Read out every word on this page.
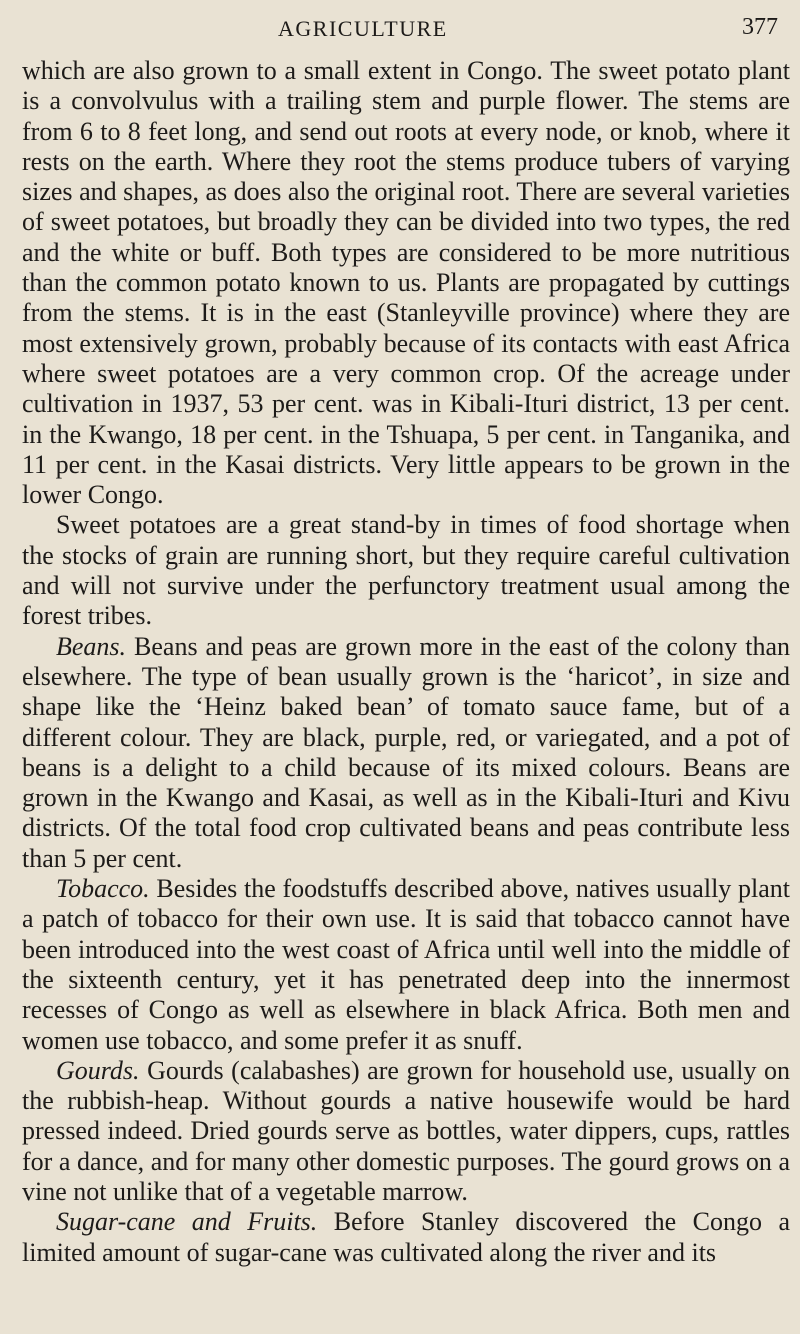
AGRICULTURE	377

which are also grown to a small extent in Congo. The sweet potato plant is a convolvulus with a trailing stem and purple flower. The stems are from 6 to 8 feet long, and send out roots at every node, or knob, where it rests on the earth. Where they root the stems produce tubers of varying sizes and shapes, as does also the original root. There are several varieties of sweet potatoes, but broadly they can be divided into two types, the red and the white or buff. Both types are considered to be more nutritious than the common potato known to us. Plants are propagated by cuttings from the stems. It is in the east (Stanleyville province) where they are most extensively grown, probably because of its contacts with east Africa where sweet potatoes are a very common crop. Of the acreage under cultivation in 1937, 53 per cent. was in Kibali-Ituri district, 13 per cent. in the Kwango, 18 per cent. in the Tshuapa, 5 per cent. in Tanganika, and 11 per cent. in the Kasai districts. Very little appears to be grown in the lower Congo.

Sweet potatoes are a great stand-by in times of food shortage when the stocks of grain are running short, but they require careful cultivation and will not survive under the perfunctory treatment usual among the forest tribes.

Beans. Beans and peas are grown more in the east of the colony than elsewhere. The type of bean usually grown is the ‘haricot’, in size and shape like the ‘Heinz baked bean’ of tomato sauce fame, but of a different colour. They are black, purple, red, or variegated, and a pot of beans is a delight to a child because of its mixed colours. Beans are grown in the Kwango and Kasai, as well as in the Kibali-Ituri and Kivu districts. Of the total food crop cultivated beans and peas contribute less than 5 per cent.

Tobacco. Besides the foodstuffs described above, natives usually plant a patch of tobacco for their own use. It is said that tobacco cannot have been introduced into the west coast of Africa until well into the middle of the sixteenth century, yet it has penetrated deep into the innermost recesses of Congo as well as elsewhere in black Africa. Both men and women use tobacco, and some prefer it as snuff.

Gourds. Gourds (calabashes) are grown for household use, usually on the rubbish-heap. Without gourds a native housewife would be hard pressed indeed. Dried gourds serve as bottles, water dippers, cups, rattles for a dance, and for many other domestic purposes. The gourd grows on a vine not unlike that of a vegetable marrow.

Sugar-cane and Fruits. Before Stanley discovered the Congo a limited amount of sugar-cane was cultivated along the river and its
